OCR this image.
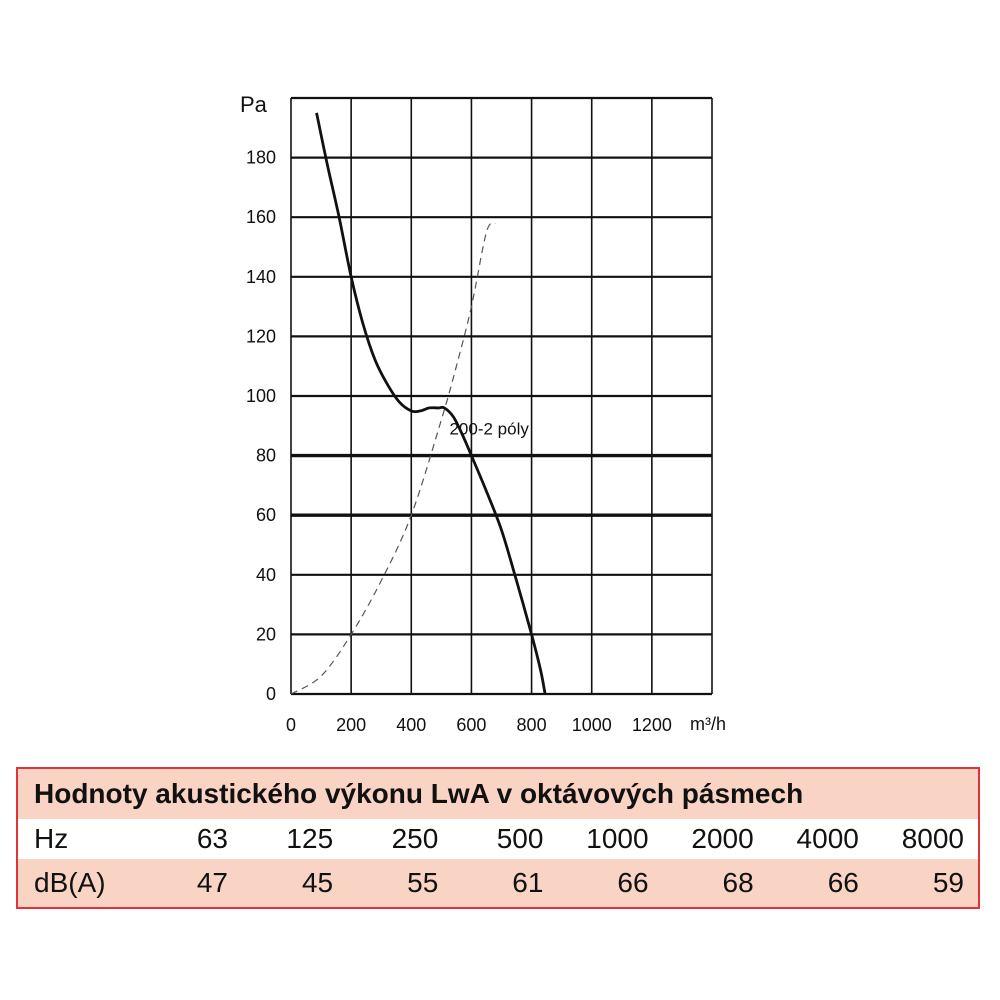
0
20
40
60
80
100
120
140
160
180
0 200 400 600 800 1000 1200
Pa
m³/h
200-2 póly
Hodnoty akustického výkonu LwA v oktávových pásmech
Hz	63	125	250	500	1000	2000	4000	8000
dB(A)	47	45	55	61	66	68	66	59
